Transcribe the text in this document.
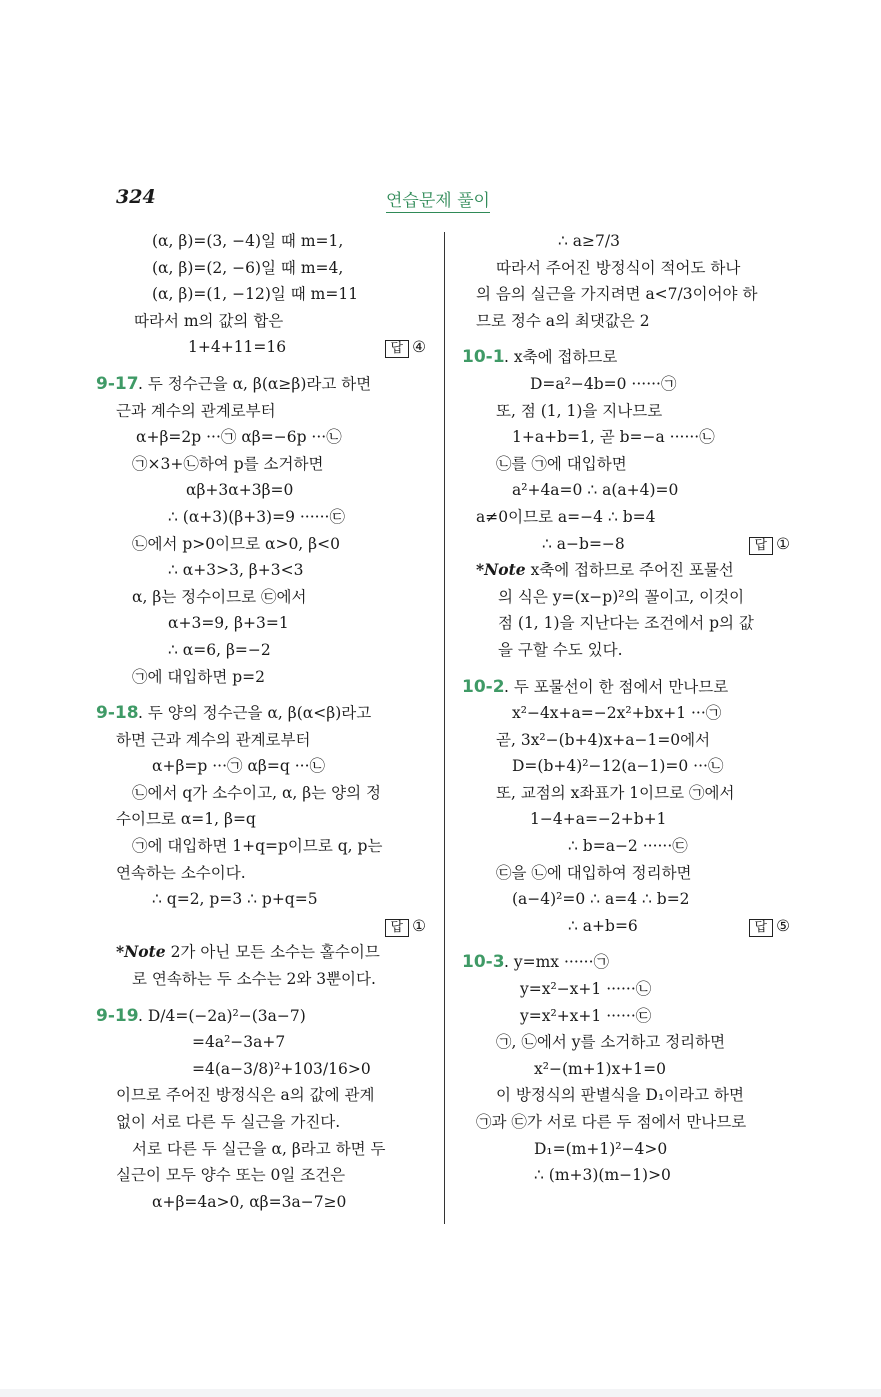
324	연습문제 풀이
(α, β)=(3, −4)일 때 m=1,
(α, β)=(2, −6)일 때 m=4,
(α, β)=(1, −12)일 때 m=11
따라서 m의 값의 합은
1+4+11=16	답 ④
9-17 . 두 정수근을 α, β(α≥β)라고 하면
근과 계수의 관계로부터
α+β=2p ···㉠ αβ=−6p ···㉡
㉠×3+㉡하여 p를 소거하면
αβ+3α+3β=0
∴ (α+3)(β+3)=9 ······㉢
㉡에서 p>0이므로 α>0, β<0
∴ α+3>3, β+3<3
α, β는 정수이므로 ㉢에서
α+3=9, β+3=1
∴ α=6, β=−2
㉠에 대입하면 p=2
9-18 . 두 양의 정수근을 α, β(α<β)라고
하면 근과 계수의 관계로부터
α+β=p ···㉠ αβ=q ···㉡
㉡에서 q가 소수이고, α, β는 양의 정
수이므로 α=1, β=q
㉠에 대입하면 1+q=p이므로 q, p는
연속하는 소수이다.
∴ q=2, p=3 ∴ p+q=5
답 ①
*Note 2가 아닌 모든 소수는 홀수이므
로 연속하는 두 소수는 2와 3뿐이다.
9-19 . D/4=(−2a)²−(3a−7)
=4a²−3a+7
=4(a−3/8)²+103/16>0
이므로 주어진 방정식은 a의 값에 관계
없이 서로 다른 두 실근을 가진다.
서로 다른 두 실근을 α, β라고 하면 두
실근이 모두 양수 또는 0일 조건은
α+β=4a>0, αβ=3a−7≥0
∴ a≥7/3
따라서 주어진 방정식이 적어도 하나
의 음의 실근을 가지려면 a<7/3이어야 하
므로 정수 a의 최댓값은 2
10-1 . x축에 접하므로
D=a²−4b=0 ······㉠
또, 점 (1, 1)을 지나므로
1+a+b=1, 곧 b=−a ······㉡
㉡를 ㉠에 대입하면
a²+4a=0 ∴ a(a+4)=0
a≠0이므로 a=−4 ∴ b=4
∴ a−b=−8	답 ①
*Note x축에 접하므로 주어진 포물선
의 식은 y=(x−p)²의 꼴이고, 이것이
점 (1, 1)을 지난다는 조건에서 p의 값
을 구할 수도 있다.
10-2 . 두 포물선이 한 점에서 만나므로
x²−4x+a=−2x²+bx+1 ···㉠
곧, 3x²−(b+4)x+a−1=0에서
D=(b+4)²−12(a−1)=0 ···㉡
또, 교점의 x좌표가 1이므로 ㉠에서
1−4+a=−2+b+1
∴ b=a−2 ······㉢
㉢을 ㉡에 대입하여 정리하면
(a−4)²=0 ∴ a=4 ∴ b=2
∴ a+b=6	답 ⑤
10-3 . y=mx ······㉠
y=x²−x+1 ······㉡
y=x²+x+1 ······㉢
㉠, ㉡에서 y를 소거하고 정리하면
x²−(m+1)x+1=0
이 방정식의 판별식을 D₁이라고 하면
㉠과 ㉢가 서로 다른 두 점에서 만나므로
D₁=(m+1)²−4>0
∴ (m+3)(m−1)>0
